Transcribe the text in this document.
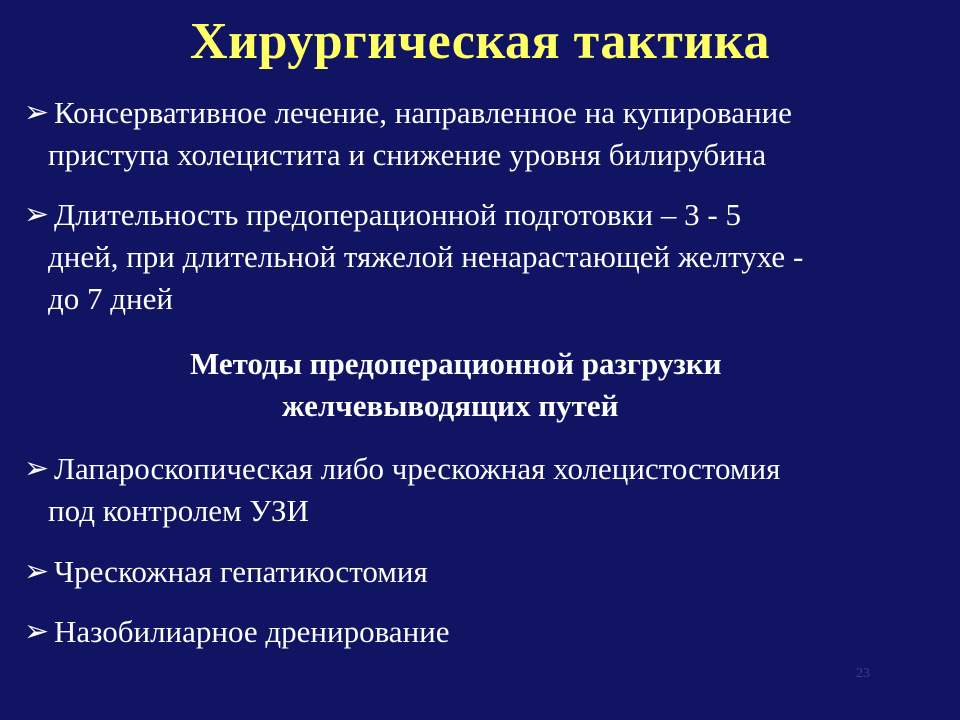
Хирургическая тактика
➢ Консервативное лечение, направленное на купирование
приступа холецистита и снижение уровня билирубина
➢ Длительность предоперационной подготовки – 3 - 5
дней, при длительной тяжелой ненарастающей желтухе -
до 7 дней
Методы предоперационной разгрузки
желчевыводящих путей
➢ Лапароскопическая либо чрескожная холецистостомия
под контролем УЗИ
➢ Чрескожная гепатикостомия
➢ Назобилиарное дренирование
23
